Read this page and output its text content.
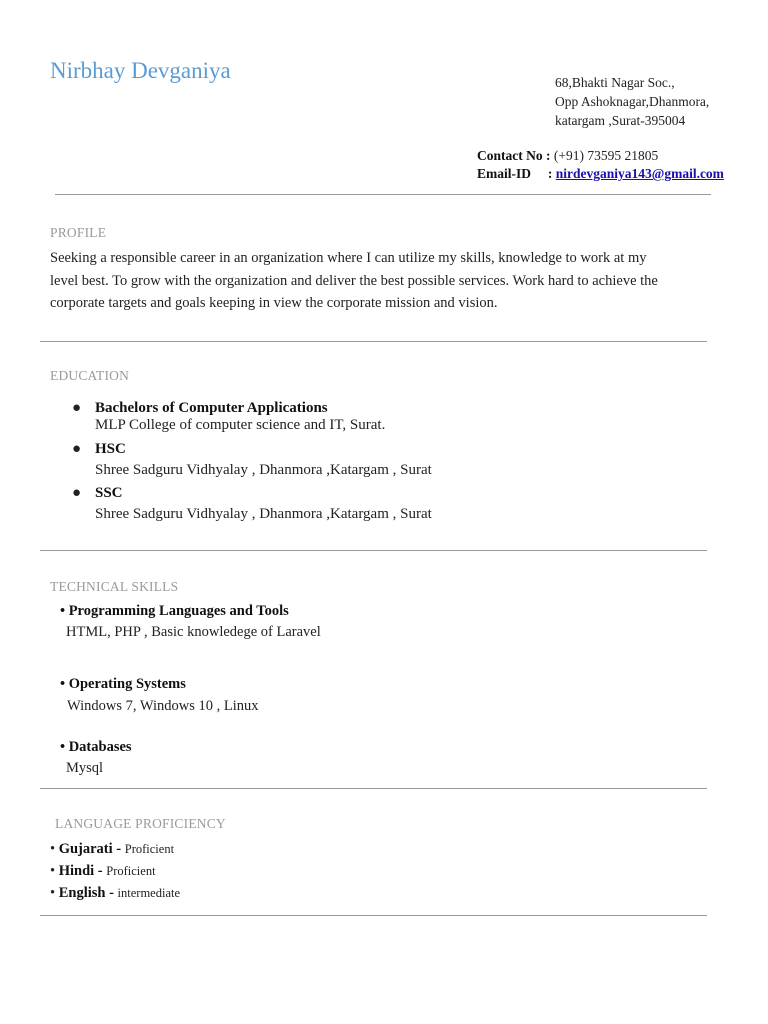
Nirbhay Devganiya	68,Bhakti Nagar Soc.,
Opp Ashoknagar,Dhanmora,
katargam ,Surat-395004
Contact No : (+91) 73595 21805
Email-ID : nirdevganiya143@gmail.com
PROFILE
Seeking a responsible career in an organization where I can utilize my skills, knowledge to work at my
level best. To grow with the organization and deliver the best possible services. Work hard to achieve the
corporate targets and goals keeping in view the corporate mission and vision.
EDUCATION
● Bachelors of Computer Applications
MLP College of computer science and IT, Surat.
● HSC
Shree Sadguru Vidhyalay , Dhanmora ,Katargam , Surat
● SSC
Shree Sadguru Vidhyalay , Dhanmora ,Katargam , Surat
TECHNICAL SKILLS
• Programming Languages and Tools
HTML, PHP , Basic knowledege of Laravel
• Operating Systems
Windows 7, Windows 10 , Linux
• Databases
Mysql
LANGUAGE PROFICIENCY
• Gujarati - Proficient
• Hindi - Proficient
• English - intermediate
